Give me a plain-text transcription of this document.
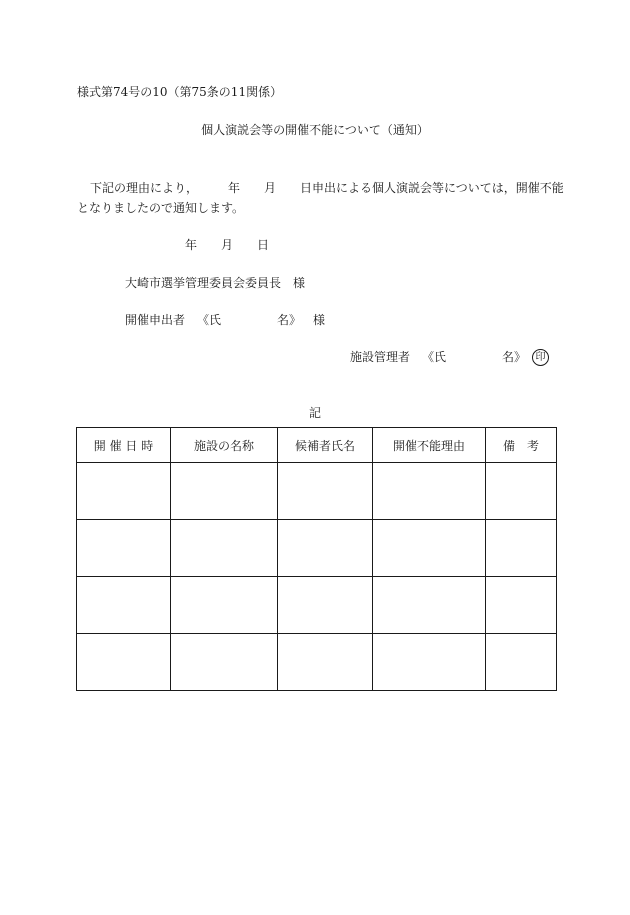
様式第74号の10（第75条の11関係）
個人演説会等の開催不能について（通知）
下記の理由により，	年 月 日申出による個人演説会等については，開催不能
となりましたので通知します。
年 月 日
大崎市選挙管理委員会委員長　様
開催申出者 《氏	名》 様
施設管理者 《氏	名》 印
記
開 催 日 時	施設の名称	候補者氏名	開催不能理由	備　考
